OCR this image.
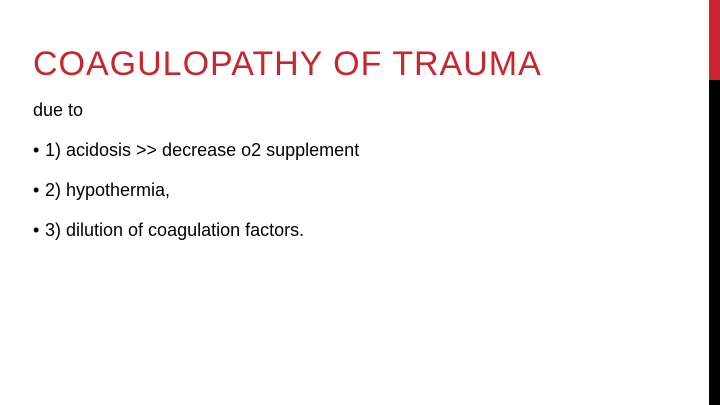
COAGULOPATHY OF TRAUMA
due to
• 1) acidosis >> decrease o2 supplement
• 2) hypothermia,
• 3) dilution of coagulation factors.
